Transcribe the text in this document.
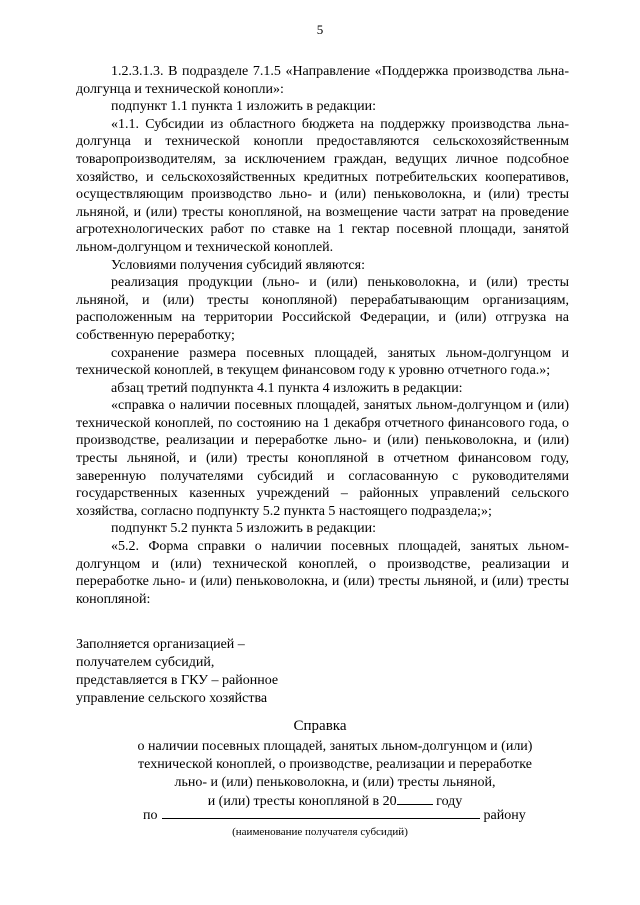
5

1.2.3.1.3. В подразделе 7.1.5 «Направление «Поддержка производства льна-долгунца и технической конопли»:

подпункт 1.1 пункта 1 изложить в редакции:

«1.1. Субсидии из областного бюджета на поддержку производства льна-долгунца и технической конопли предоставляются сельскохозяйственным товаропроизводителям, за исключением граждан, ведущих личное подсобное хозяйство, и сельскохозяйственных кредитных потребительских кооперативов, осуществляющим производство льно- и (или) пеньковолокна, и (или) тресты льняной, и (или) тресты конопляной, на возмещение части затрат на проведение агротехнологических работ по ставке на 1 гектар посевной площади, занятой льном-долгунцом и технической коноплей.

Условиями получения субсидий являются:

реализация продукции (льно- и (или) пеньковолокна, и (или) тресты льняной, и (или) тресты конопляной) перерабатывающим организациям, расположенным на территории Российской Федерации, и (или) отгрузка на собственную переработку;

сохранение размера посевных площадей, занятых льном-долгунцом и технической коноплей, в текущем финансовом году к уровню отчетного года.»;

абзац третий подпункта 4.1 пункта 4 изложить в редакции:

«справка о наличии посевных площадей, занятых льном-долгунцом и (или) технической коноплей, по состоянию на 1 декабря отчетного финансового года, о производстве, реализации и переработке льно- и (или) пеньковолокна, и (или) тресты льняной, и (или) тресты конопляной в отчетном финансовом году, заверенную получателями субсидий и согласованную с руководителями государственных казенных учреждений – районных управлений сельского хозяйства, согласно подпункту 5.2 пункта 5 настоящего подраздела;»;

подпункт 5.2 пункта 5 изложить в редакции:

«5.2. Форма справки о наличии посевных площадей, занятых льном-долгунцом и (или) технической коноплей, о производстве, реализации и переработке льно- и (или) пеньковолокна, и (или) тресты льняной, и (или) тресты конопляной:

Заполняется организацией –
получателем субсидий,
представляется в ГКУ – районное
управление сельского хозяйства
Справка
о наличии посевных площадей, занятых льном-долгунцом и (или)
технической коноплей, о производстве, реализации и переработке
льно- и (или) пеньковолокна, и (или) тресты льняной,
и (или) тресты конопляной в 20	году
по	району
(наименование получателя субсидий)
